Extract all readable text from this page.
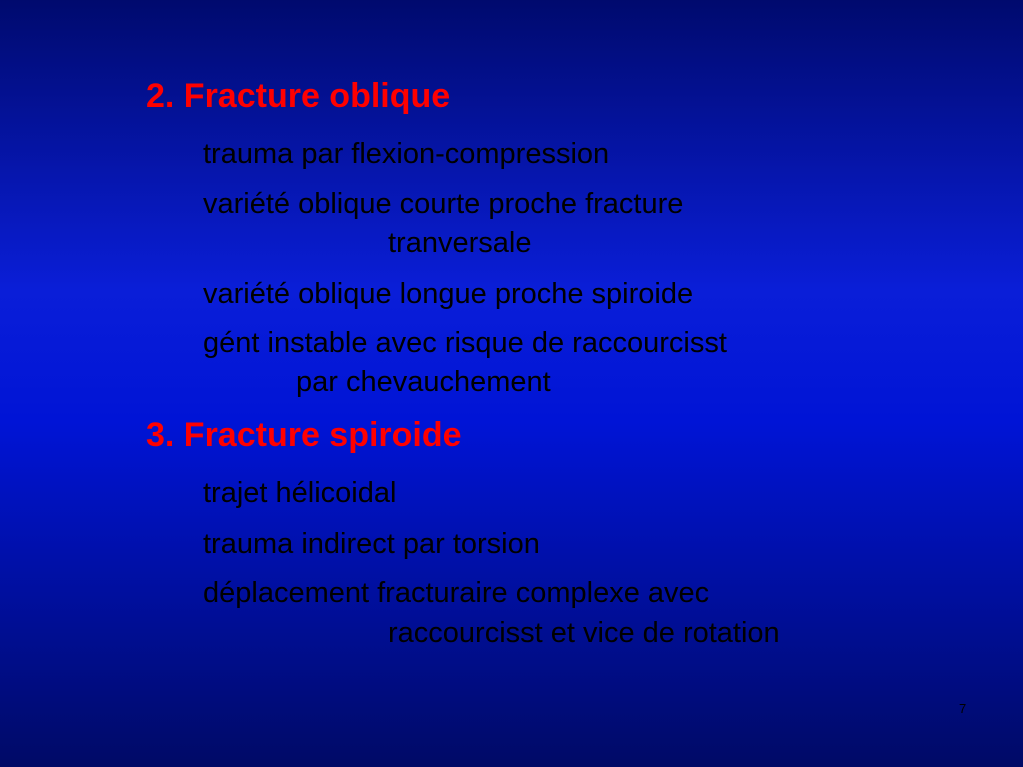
2. Fracture oblique

trauma par flexion-compression

variété oblique courte proche fracture

tranversale

variété oblique longue proche spiroide

gént instable avec risque de raccourcisst

par chevauchement

3. Fracture spiroide

trajet hélicoidal

trauma indirect par torsion

déplacement fracturaire complexe avec

raccourcisst et vice de rotation

7
